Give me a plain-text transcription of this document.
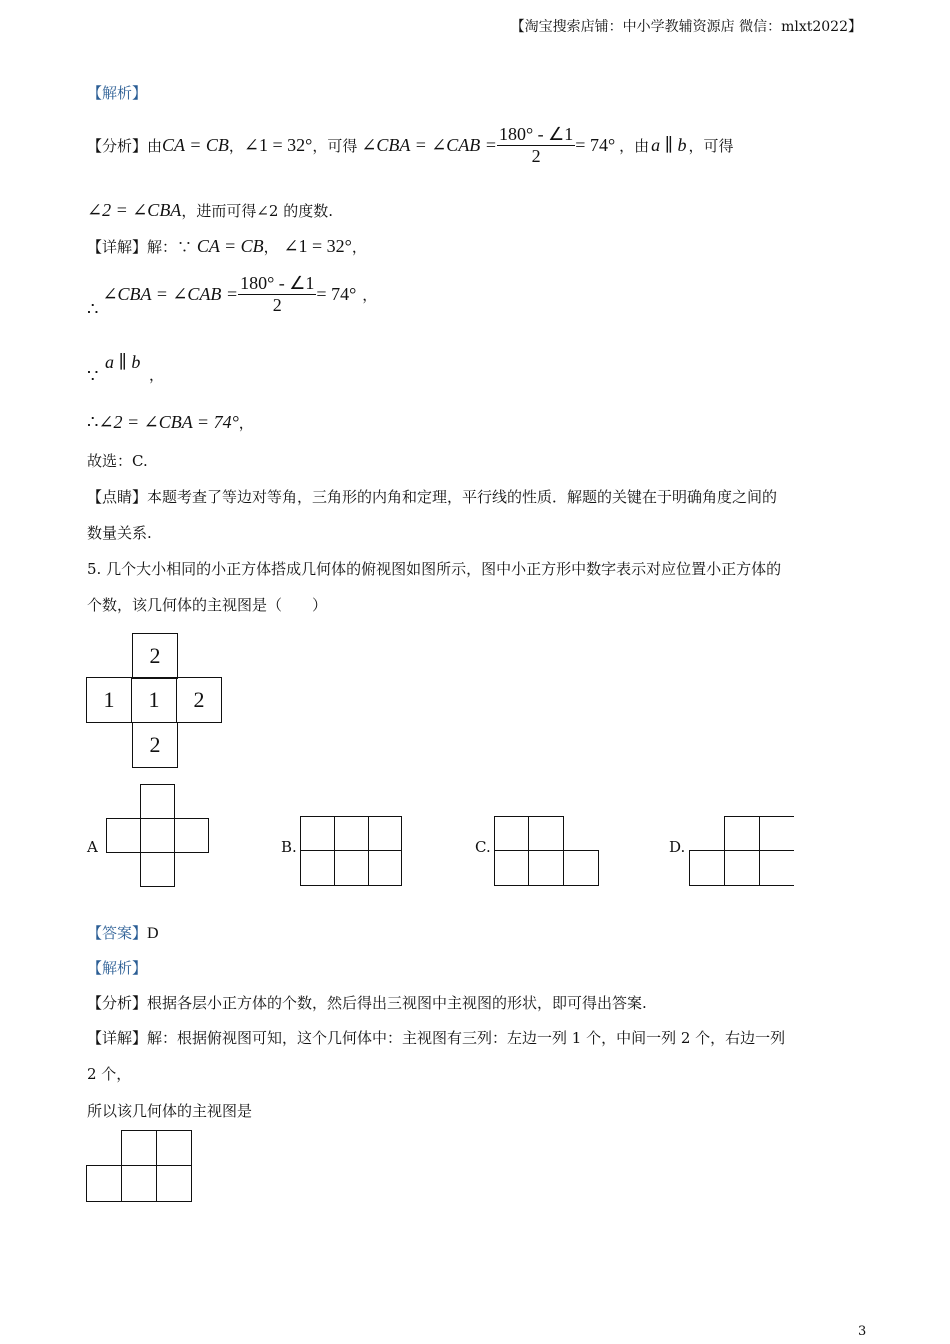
【淘宝搜索店铺：中小学教辅资源店 微信：mlxt2022】
【解析】
【分析】 由 CA = CB ， ∠1 = 32° ，可得 ∠CBA = ∠CAB = $\frac{180^\circ - \angle 1}{2} = 74^\circ$ ，由 a ∥ b ，可得
∠2 = ∠CBA，进而可得∠2 的度数.
【详解】解：∵ CA = CB， ∠1 = 32°，
∴
∠CBA = ∠CAB = $\frac{180^\circ - \angle 1}{2} = 74^\circ$ ，
∵
a ∥ b
，
∴∠2 = ∠CBA = 74°，
故选：C.
【点睛】本题考查了等边对等角，三角形的内角和定理，平行线的性质．解题的关键在于明确角度之间的
数量关系.
5. 几个大小相同的小正方体搭成几何体的俯视图如图所示，图中小正方形中数字表示对应位置小正方体的
个数，该几何体的主视图是（　　）
2
1	1	2
2
A	B.	C.	D.
【答案】D
【解析】
【分析】根据各层小正方体的个数，然后得出三视图中主视图的形状，即可得出答案.
【详解】解：根据俯视图可知，这个几何体中：主视图有三列：左边一列 1 个，中间一列 2 个，右边一列
2 个，
所以该几何体的主视图是
3
